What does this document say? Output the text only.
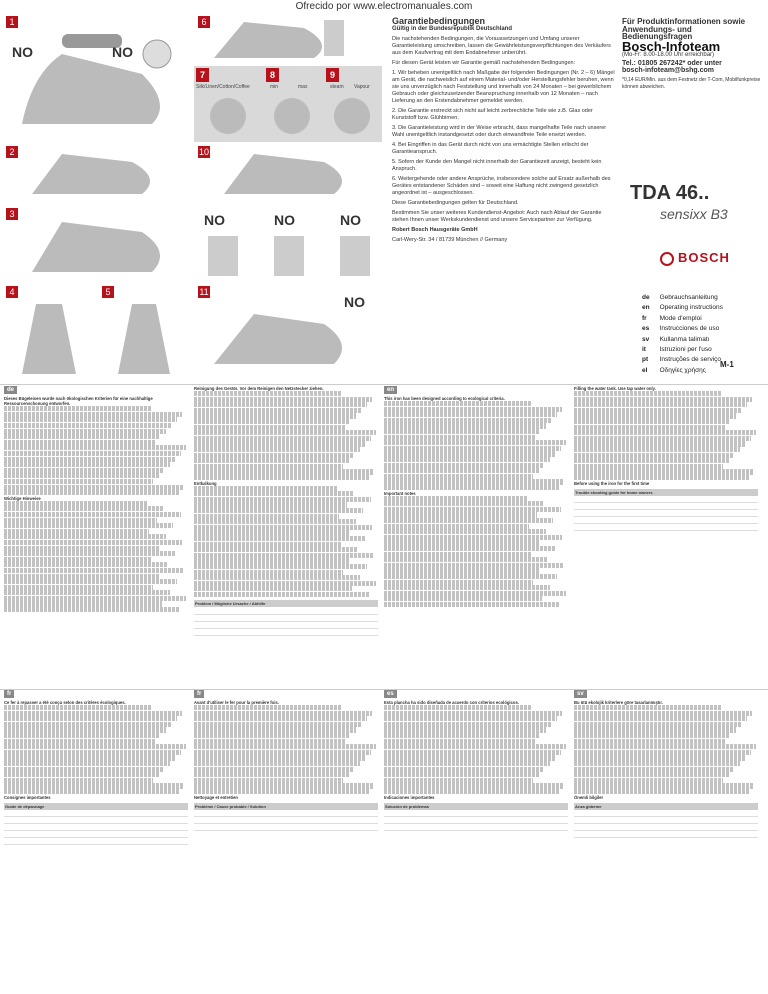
Ofrecido por www.electromanuales.com
1
NO	NO
6
7	8	9
Silk/Linen/Cotton/Coffee	min	max	steam Vapour
2	10
3	NO	NO	NO
4	5	11
NO
Garantiebedingungen
Gültig in der Bundesrepublik Deutschland

Die nachstehenden Bedingungen, die Voraussetzungen und Umfang unserer Garantieleistung umschreiben, lassen die Gewährleistungsverpflichtungen des Verkäufers aus dem Kaufvertrag mit dem Endabnehmer unberührt.

Für diesen Gerät leisten wir Garantie gemäß nachstehenden Bedingungen:

1. Wir beheben unentgeltlich nach Maßgabe der folgenden Bedingungen (Nr. 2 – 6) Mängel am Gerät, die nachweislich auf einem Material- und/oder Herstellungsfehler beruhen, wenn sie uns unverzüglich nach Feststellung und innerhalb von 24 Monaten – bei gewerblichem Gebrauch oder gleichzusetzender Beanspruchung innerhalb von 12 Monaten – nach Lieferung an den Erstendabnehmer gemeldet werden.

2. Die Garantie erstreckt sich nicht auf leicht zerbrechliche Teile wie z.B. Glas oder Kunststoff bzw. Glühbirnen.

3. Die Garantieleistung wird in der Weise erbracht, dass mangelhafte Teile nach unserer Wahl unentgeltlich instandgesetzt oder durch einwandfreie Teile ersetzt werden.

4. Bei Eingriffen in das Gerät durch nicht von uns ermächtigte Stellen erlischt der Garantieanspruch.

5. Sofern der Kunde den Mangel nicht innerhalb der Garantiezeit anzeigt, besteht kein Anspruch.

6. Weitergehende oder andere Ansprüche, insbesondere solche auf Ersatz außerhalb des Gerätes entstandener Schäden sind – soweit eine Haftung nicht zwingend gesetzlich angeordnet ist – ausgeschlossen.

Diese Garantiebedingungen gelten für Deutschland.

Bestimmen Sie unser weiteres Kundendienst-Angebot: Auch nach Ablauf der Garantie stehen Ihnen unser Werkskundendienst und unsere Servicepartner zur Verfügung.

Robert Bosch Hausgeräte GmbH

Carl-Wery-Str. 34 / 81739 München // Germany

Für Produktinformationen sowie Anwendungs- und Bedienungsfragen
Bosch-Infoteam
(Mo-Fr: 8.00-18.00 Uhr erreichbar)
Tel.: 01805 267242* oder unter
bosch-infoteam@bshg.com
*0,14 EUR/Min. aus dem Festnetz der T-Com, Mobilfunkpreise können abweichen.
TDA 46..
sensixx B3
BOSCH
de	Gebrauchsanleitung
en	Operating instructions
fr	Mode d'emploi
es	Instrucciones de uso
sv	Kullanma talimatı
it	Istruzioni per l'uso
pt	Instruções de serviço
el	Οδηγίες χρήσης
M-1
de
Dieses Bügeleisen wurde nach ökologischen Kriterien für eine nachhaltige Ressourcenschonung entworfen.
Wichtige Hinweise
Reinigung des Geräts. Vor dem Reinigen den Netzstecker ziehen.
Entkalkung
Problem / Mögliche Ursache / Abhilfe

en
This iron has been designed according to ecological criteria.
Important notes
Filling the water tank. Use tap water only.
Before using the iron for the first time
Trouble shooting guide for home owners

fr
Ce fer à repasser a été conçu selon des critères écologiques.
Consignes importantes
Guide de dépannage

fr
Avant d'utiliser le fer pour la première fois.
Nettoyage et entretien
Problème / Cause probable / Solution

es
Esta plancha ha sido diseñada de acuerdo con criterios ecológicos.
Indicaciones importantes
Solución de problemas

sv
Bu ütü ekolojik kriterlere göre tasarlanmıştır.
Önemli bilgiler
Arıza giderme
